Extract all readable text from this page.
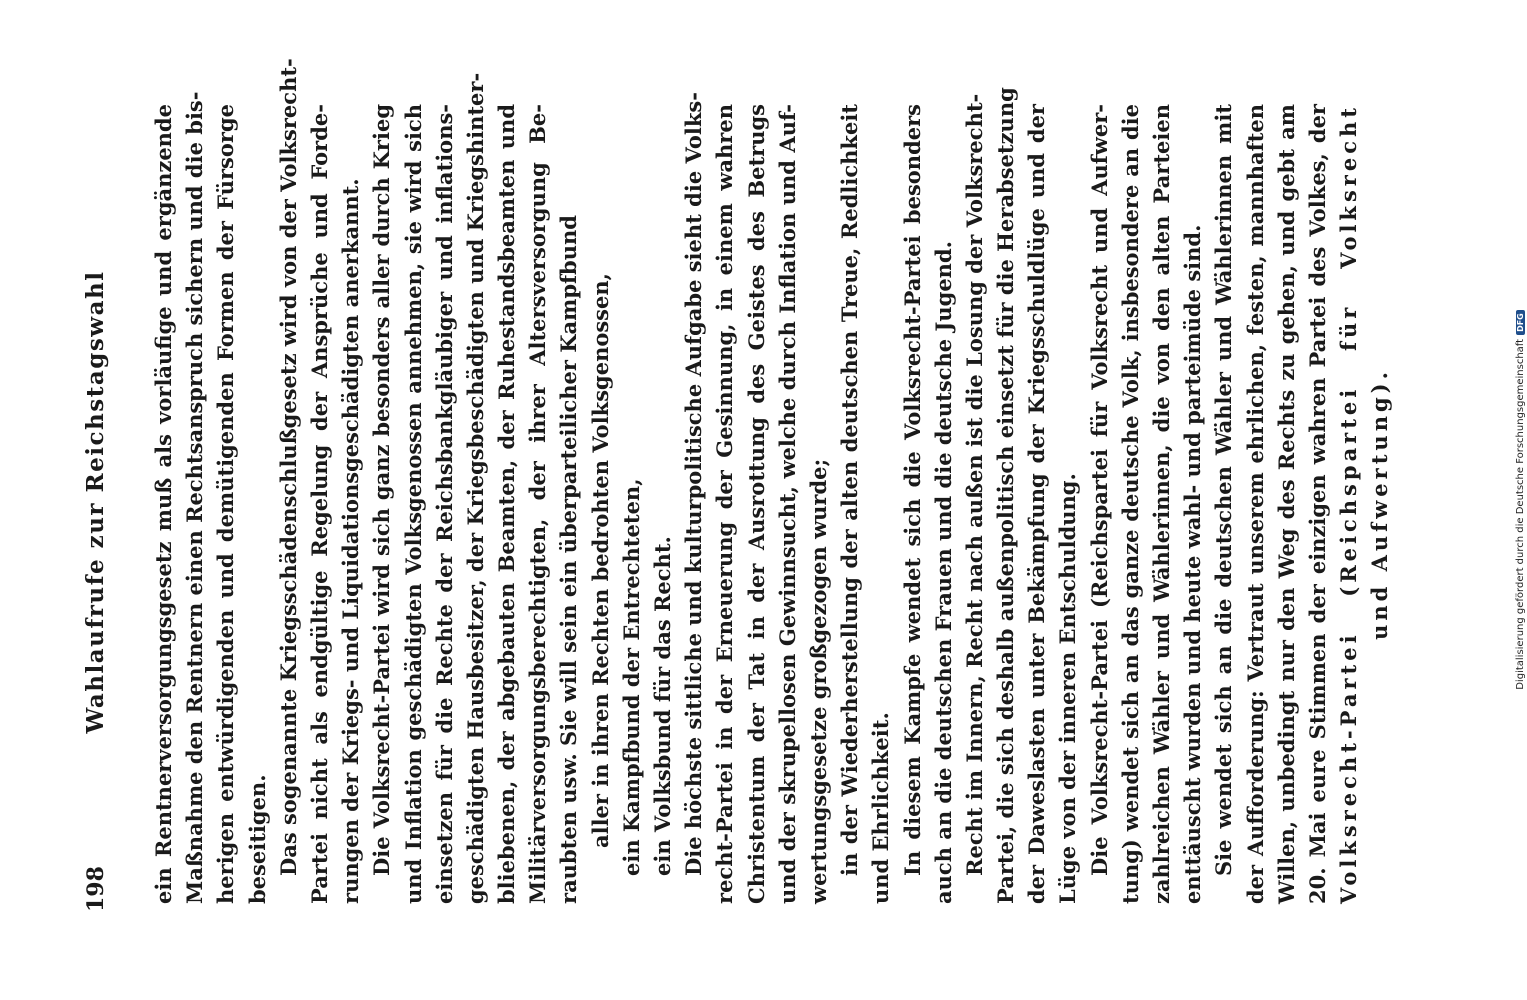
198
Wahlaufrufe zur Reichstagswahl ein Rentnerversorgungsgesetz muß als vorläufige und ergänzende Maßnahme den Rentnern einen Rechtsanspruch sichern und die bis- herigen entwürdigenden und demütigenden Formen der Fürsorge beseitigen. Das sogenannte Kriegsschädenschlußgesetz wird von der Volksrecht- Partei nicht als endgültige Regelung der Ansprüche und Forde- rungen der Kriegs- und Liquidationsgeschädigten anerkannt. Die Volksrecht-Partei wird sich ganz besonders aller durch Krieg und Inflation geschädigten Volksgenossen annehmen, sie wird sich einsetzen für die Rechte der Reichsbankgläubiger und inflations- geschädigten Hausbesitzer, der Kriegsbeschädigten und Kriegshinter- bliebenen, der abgebauten Beamten, der Ruhestandsbeamten und Militärversorgungsberechtigten, der ihrer Altersversorgung Be- raubten usw. Sie will sein ein überparteilicher Kampfbund aller in ihren Rechten bedrohten Volksgenossen, ein Kampfbund der Entrechteten, ein Volksbund für das Recht. Die höchste sittliche und kulturpolitische Aufgabe sieht die Volks- recht-Partei in der Erneuerung der Gesinnung, in einem wahren Christentum der Tat in der Ausrottung des Geistes des Betrugs und der skrupellosen Gewinnsucht, welche durch Inflation und Auf- wertungsgesetze großgezogen wurde; in der Wiederherstellung der alten deutschen Treue, Redlichkeit und Ehrlichkeit. In diesem Kampfe wendet sich die Volksrecht-Partei besonders auch an die deutschen Frauen und die deutsche Jugend. Recht im Innern, Recht nach außen ist die Losung der Volksrecht- Partei, die sich deshalb außenpolitisch einsetzt für die Herabsetzung der Daweslasten unter Bekämpfung der Kriegsschuldlüge und der Lüge von der inneren Entschuldung. Die Volksrecht-Partei (Reichspartei für Volksrecht und Aufwer- tung) wendet sich an das ganze deutsche Volk, insbesondere an die zahlreichen Wähler und Wählerinnen, die von den alten Parteien enttäuscht wurden und heute wahl- und parteimüde sind. Sie wendet sich an die deutschen Wähler und Wählerinnen mit der Aufforderung: Vertraut unserem ehrlichen, festen, mannhaften Willen, unbedingt nur den Weg des Rechts zu gehen, und gebt am 20. Mai eure Stimmen der einzigen wahren Partei des Volkes, der Volksrecht-Partei (Reichspartei für Volksrecht und Aufwertung).	Digitalisierung gefördert durch die Deutsche Forschungsgemeinschaft
DFG
